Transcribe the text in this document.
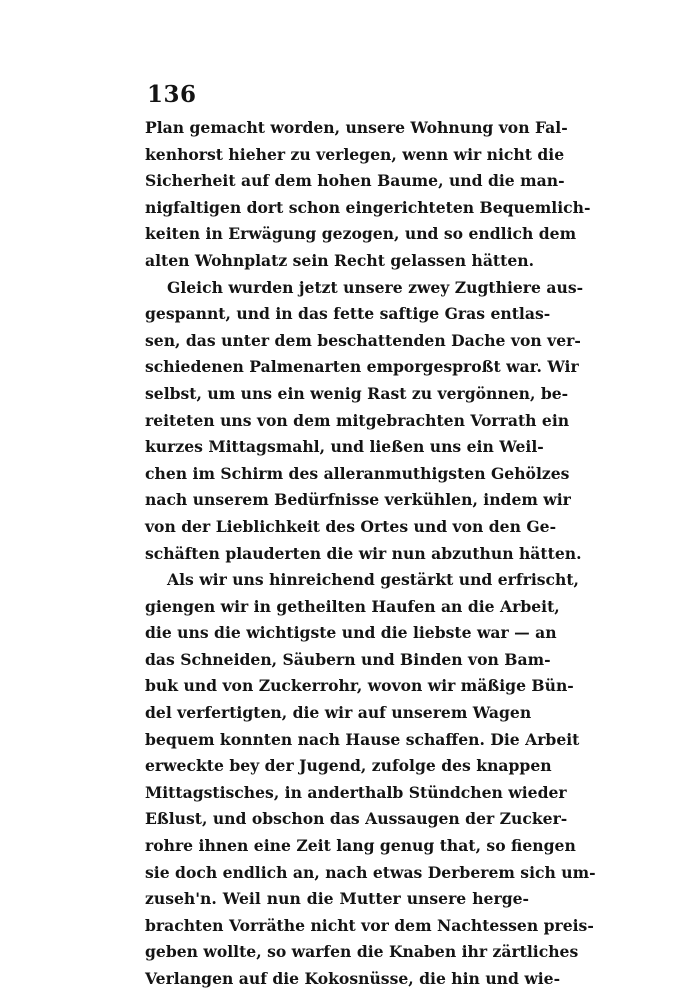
136
Plan gemacht worden, unsere Wohnung von Fal-
kenhorst hieher zu verlegen, wenn wir nicht die
Sicherheit auf dem hohen Baume, und die man-
nigfaltigen dort schon eingerichteten Bequemlich-
keiten in Erwägung gezogen, und so endlich dem
alten Wohnplatz sein Recht gelassen hätten.
Gleich wurden jetzt unsere zwey Zugthiere aus-
gespannt, und in das fette saftige Gras entlas-
sen, das unter dem beschattenden Dache von ver-
schiedenen Palmenarten emporgesproßt war. Wir
selbst, um uns ein wenig Rast zu vergönnen, be-
reiteten uns von dem mitgebrachten Vorrath ein
kurzes Mittagsmahl, und ließen uns ein Weil-
chen im Schirm des alleranmuthigsten Gehölzes
nach unserem Bedürfnisse verkühlen, indem wir
von der Lieblichkeit des Ortes und von den Ge-
schäften plauderten die wir nun abzuthun hätten.
Als wir uns hinreichend gestärkt und erfrischt,
giengen wir in getheilten Haufen an die Arbeit,
die uns die wichtigste und die liebste war — an
das Schneiden, Säubern und Binden von Bam-
buk und von Zuckerrohr, wovon wir mäßige Bün-
del verfertigten, die wir auf unserem Wagen
bequem konnten nach Hause schaffen. Die Arbeit
erweckte bey der Jugend, zufolge des knappen
Mittagstisches, in anderthalb Stündchen wieder
Eßlust, und obschon das Aussaugen der Zucker-
rohre ihnen eine Zeit lang genug that, so fiengen
sie doch endlich an, nach etwas Derberem sich um-
zuseh'n. Weil nun die Mutter unsere herge-
brachten Vorräthe nicht vor dem Nachtessen preis-
geben wollte, so warfen die Knaben ihr zärtliches
Verlangen auf die Kokosnüsse, die hin und wie-
